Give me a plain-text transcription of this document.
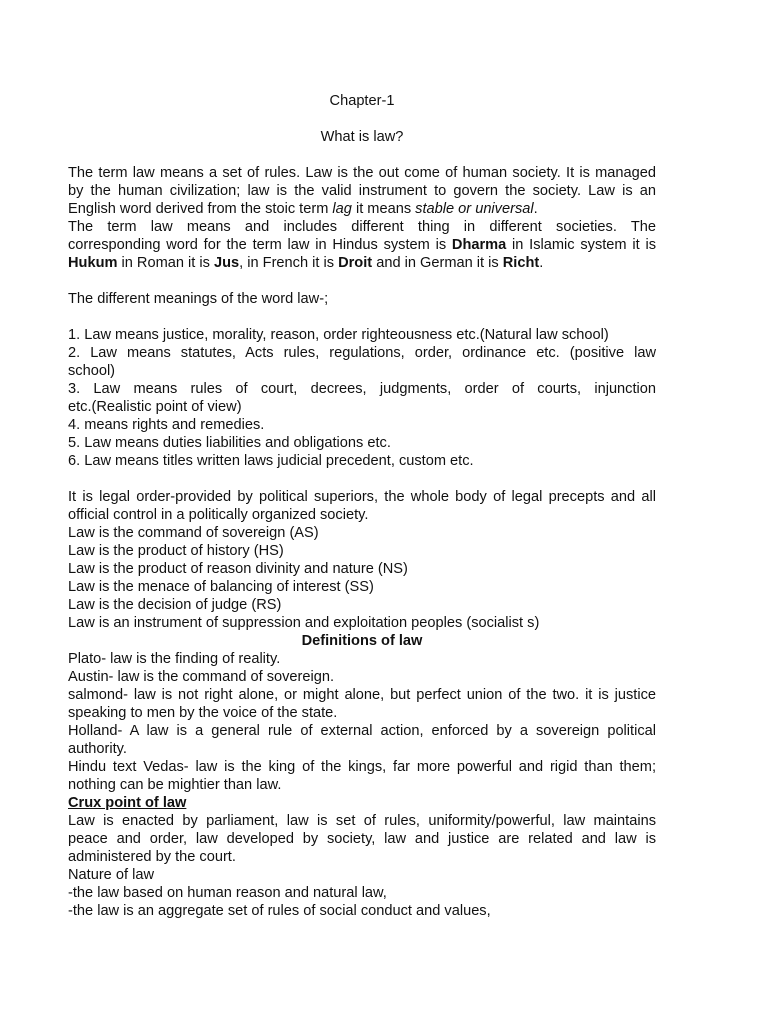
Chapter-1
What is law?
The term law means a set of rules. Law is the out come of human society. It is managed
by the human civilization; law is the valid instrument to govern the society. Law is an
English word derived from the stoic term lag it means stable or universal.
The term law means and includes different thing in different societies. The
corresponding word for the term law in Hindus system is Dharma in Islamic system it is
Hukum in Roman it is Jus, in French it is Droit and in German it is Richt.
The different meanings of the word law-;
1. Law means justice, morality, reason, order righteousness etc.(Natural law school)
2. Law means statutes, Acts rules, regulations, order, ordinance etc. (positive law
school)
3. Law means rules of court, decrees, judgments, order of courts, injunction
etc.(Realistic point of view)
4. means rights and remedies.
5. Law means duties liabilities and obligations etc.
6. Law means titles written laws judicial precedent, custom etc.
It is legal order-provided by political superiors, the whole body of legal precepts and all
official control in a politically organized society.
Law is the command of sovereign (AS)
Law is the product of history (HS)
Law is the product of reason divinity and nature (NS)
Law is the menace of balancing of interest (SS)
Law is the decision of judge (RS)
Law is an instrument of suppression and exploitation peoples (socialist s)
Definitions of law
Plato- law is the finding of reality.
Austin- law is the command of sovereign.
salmond- law is not right alone, or might alone, but perfect union of the two. it is justice
speaking to men by the voice of the state.
Holland- A law is a general rule of external action, enforced by a sovereign political
authority.
Hindu text Vedas- law is the king of the kings, far more powerful and rigid than them;
nothing can be mightier than law.
Crux point of law
Law is enacted by parliament, law is set of rules, uniformity/powerful, law maintains
peace and order, law developed by society, law and justice are related and law is
administered by the court.
Nature of law
-the law based on human reason and natural law,
-the law is an aggregate set of rules of social conduct and values,
